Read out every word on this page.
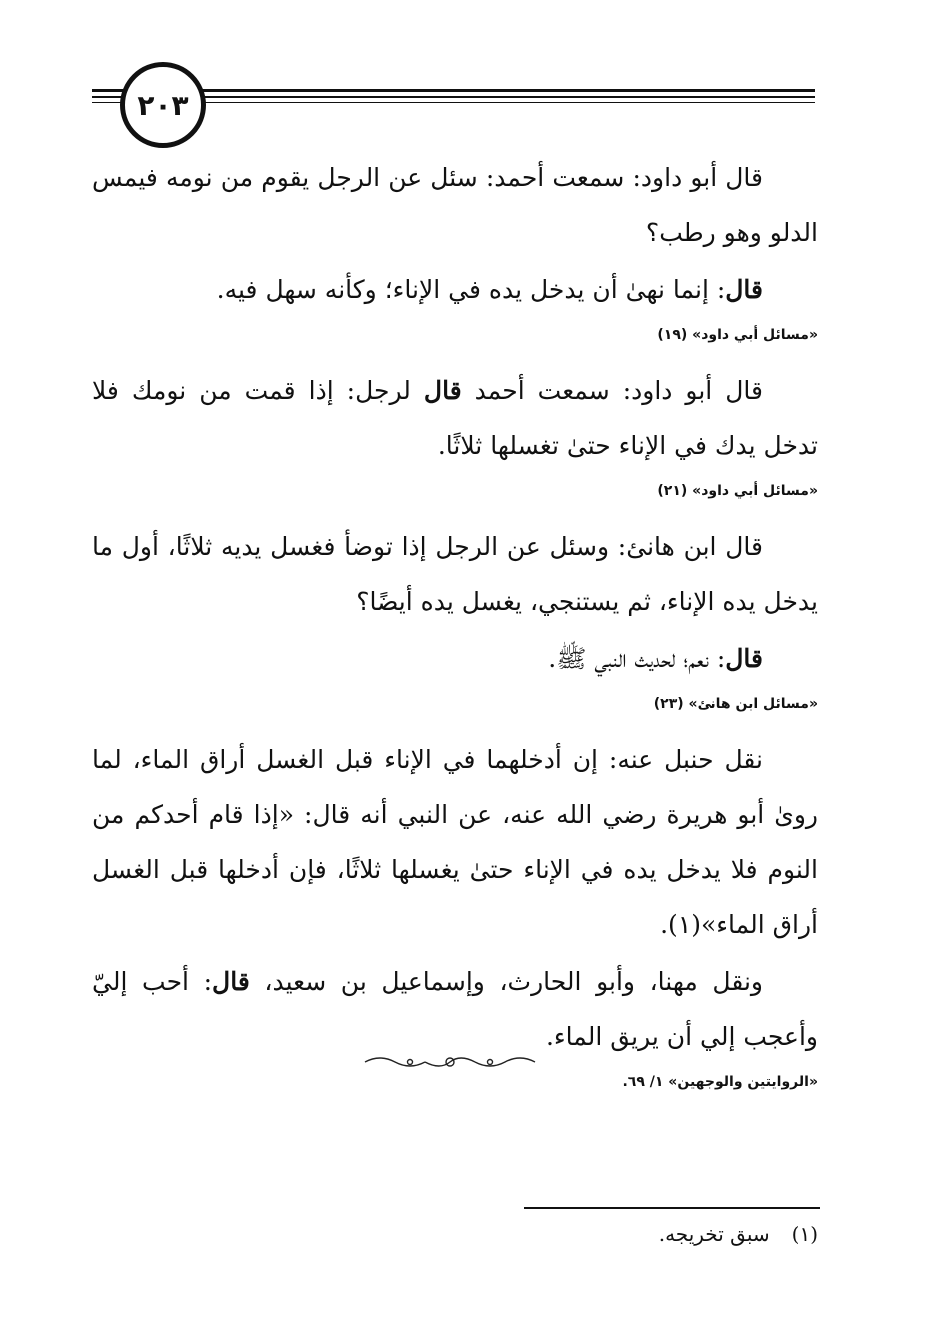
٢٠٣

قال أبو داود: سمعت أحمد: سئل عن الرجل يقوم من نومه فيمس الدلو وهو رطب؟

قال: إنما نهىٰ أن يدخل يده في الإناء؛ وكأنه سهل فيه.

«مسائل أبي داود» (١٩)

قال أبو داود: سمعت أحمد قال لرجل: إذا قمت من نومك فلا تدخل يدك في الإناء حتىٰ تغسلها ثلاثًا.

«مسائل أبي داود» (٢١)

قال ابن هانئ: وسئل عن الرجل إذا توضأ فغسل يديه ثلاثًا، أول ما يدخل يده الإناء، ثم يستنجي، يغسل يده أيضًا؟

قال: نعم؛ لحديث النبي ﷺ.

«مسائل ابن هانئ» (٢٣)

نقل حنبل عنه: إن أدخلهما في الإناء قبل الغسل أراق الماء، لما روىٰ أبو هريرة رضي الله عنه، عن النبي أنه قال: «إذا قام أحدكم من النوم فلا يدخل يده في الإناء حتىٰ يغسلها ثلاثًا، فإن أدخلها قبل الغسل أراق الماء»(١).

ونقل مهنا، وأبو الحارث، وإسماعيل بن سعيد، قال: أحب إليّ وأعجب إلي أن يريق الماء.

«الروايتين والوجهين» ١/ ٦٩.
(١)
سبق تخريجه.
